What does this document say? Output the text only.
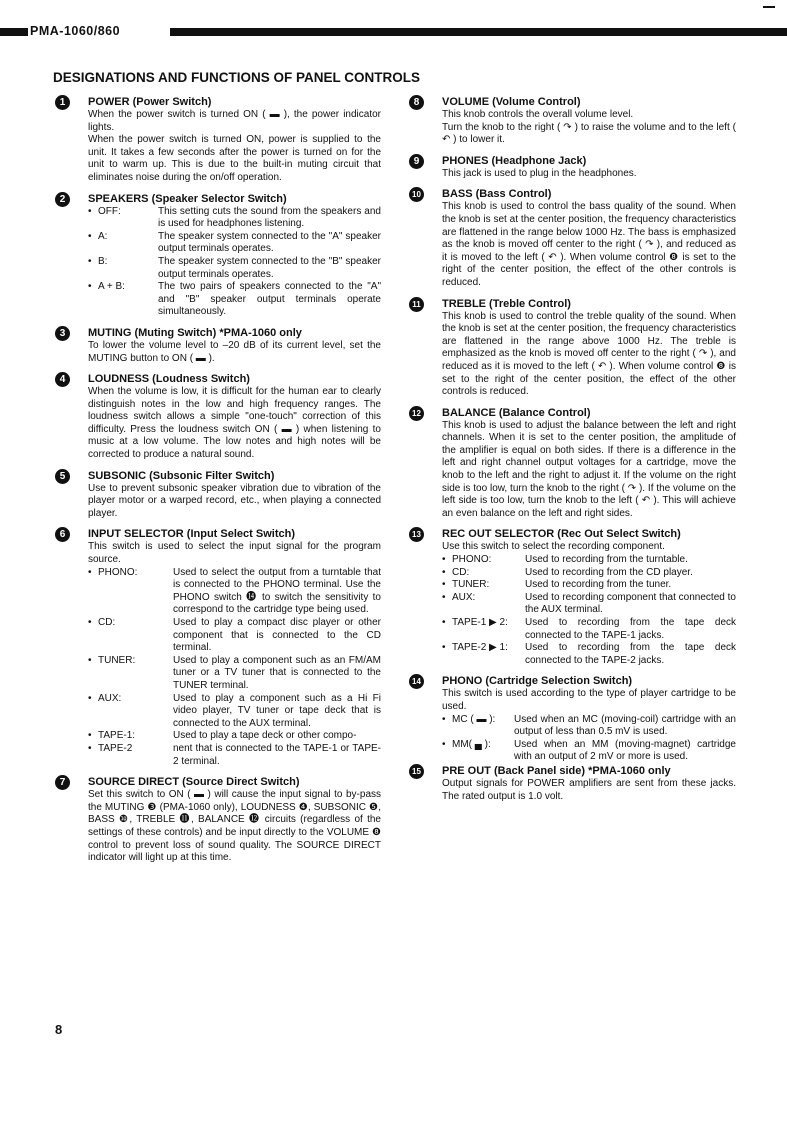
PMA-1060/860
DESIGNATIONS AND FUNCTIONS OF PANEL CONTROLS
1	POWER (Power Switch)
When the power switch is turned ON ( ▬ ), the power indicator lights.
When the power switch is turned ON, power is supplied to the unit. It takes a few seconds after the power is turned on for the unit to warm up. This is due to the built-in muting circuit that eliminates noise during the on/off operation.
2	SPEAKERS (Speaker Selector Switch)
• OFF:	This setting cuts the sound from the speakers and is used for headphones listening.
• A:	The speaker system connected to the "A" speaker output terminals operates.
• B:	The speaker system connected to the "B" speaker output terminals operates.
• A + B:	The two pairs of speakers connected to the "A" and "B" speaker output terminals operate simultaneously.
3	MUTING (Muting Switch) *PMA-1060 only
To lower the volume level to –20 dB of its current level, set the MUTING button to ON ( ▬ ).
4	LOUDNESS (Loudness Switch)
When the volume is low, it is difficult for the human ear to clearly distinguish notes in the low and high frequency ranges. The loudness switch allows a simple "one-touch" correction of this difficulty. Press the loudness switch ON ( ▬ ) when listening to music at a low volume. The low notes and high notes will be corrected to produce a natural sound.
5	SUBSONIC (Subsonic Filter Switch)
Use to prevent subsonic speaker vibration due to vibration of the player motor or a warped record, etc., when playing a connected player.
6	INPUT SELECTOR (Input Select Switch)
This switch is used to select the input signal for the program source.
• PHONO:	Used to select the output from a turntable that is connected to the PHONO terminal. Use the PHONO switch ⓮ to switch the sensitivity to correspond to the cartridge type being used.
• CD:	Used to play a compact disc player or other component that is connected to the CD terminal.
• TUNER:	Used to play a component such as an FM/AM tuner or a TV tuner that is connected to the TUNER terminal.
• AUX:	Used to play a component such as a Hi Fi video player, TV tuner or tape deck that is connected to the AUX terminal.
• TAPE-1:	Used to play a tape deck or other compo-
• TAPE-2	nent that is connected to the TAPE-1 or TAPE-2 terminal.
7	SOURCE DIRECT (Source Direct Switch)
Set this switch to ON ( ▬ ) will cause the input signal to by-pass the MUTING ❸ (PMA-1060 only), LOUDNESS ❹, SUBSONIC ❺, BASS ❿, TREBLE ⓫, BALANCE ⓬ circuits (regardless of the settings of these controls) and be input directly to the VOLUME ❽ control to prevent loss of sound quality. The SOURCE DIRECT indicator will light up at this time.
8	VOLUME (Volume Control)
This knob controls the overall volume level.
Turn the knob to the right ( ↷ ) to raise the volume and to the left ( ↶ ) to lower it.
9	PHONES (Headphone Jack)
This jack is used to plug in the headphones.
10 BASS (Bass Control)
This knob is used to control the bass quality of the sound. When the knob is set at the center position, the frequency characteristics are flattened in the range below 1000 Hz. The bass is emphasized as the knob is moved off center to the right ( ↷ ), and reduced as it is moved to the left ( ↶ ). When volume control ❽ is set to the right of the center position, the effect of the other controls is reduced.
11 TREBLE (Treble Control)
This knob is used to control the treble quality of the sound. When the knob is set at the center position, the frequency characteristics are flattened in the range above 1000 Hz. The treble is emphasized as the knob is moved off center to the right ( ↷ ), and reduced as it is moved to the left ( ↶ ). When volume control ❽ is set to the right of the center position, the effect of the other controls is reduced.
12 BALANCE (Balance Control)
This knob is used to adjust the balance between the left and right channels. When it is set to the center position, the amplitude of the amplifier is equal on both sides. If there is a difference in the left and right channel output voltages for a cartridge, move the knob to the left and the right to adjust it. If the volume on the right side is too low, turn the knob to the right ( ↷ ). If the volume on the left side is too low, turn the knob to the left ( ↶ ). This will achieve an even balance on the left and right sides.
13 REC OUT SELECTOR (Rec Out Select Switch)
Use this switch to select the recording component.
• PHONO:	Used to recording from the turntable.
• CD:	Used to recording from the CD player.
• TUNER:	Used to recording from the tuner.
• AUX:	Used to recording component that connected to the AUX terminal.
• TAPE-1 ▶ 2:	Used to recording from the tape deck connected to the TAPE-1 jacks.
• TAPE-2 ▶ 1:	Used to recording from the tape deck connected to the TAPE-2 jacks.
14 PHONO (Cartridge Selection Switch)
This switch is used according to the type of player cartridge to be used.
• MC ( ▬ ):	Used when an MC (moving-coil) cartridge with an output of less than 0.5 mV is used.
• MM( ▄ ):	Used when an MM (moving-magnet) cartridge with an output of 2 mV or more is used.
15 PRE OUT (Back Panel side) *PMA-1060 only
Output signals for POWER amplifiers are sent from these jacks. The rated output is 1.0 volt.
8
